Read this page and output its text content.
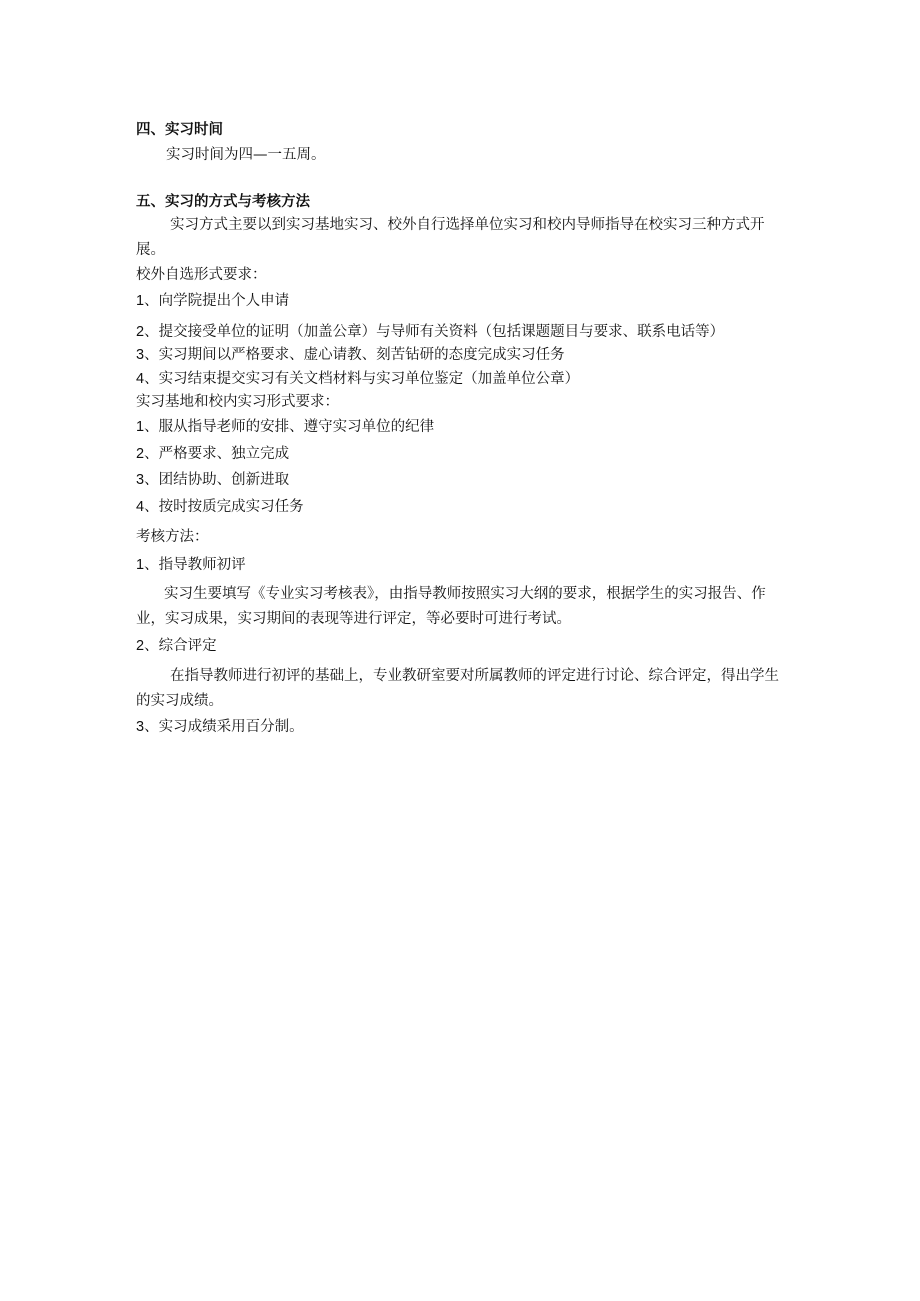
四、实习时间
实习时间为四—一五周。
五、实习的方式与考核方法
实习方式主要以到实习基地实习、校外自行选择单位实习和校内导师指导在校实习三种方式开展。
校外自选形式要求：
1、向学院提出个人申请
2、提交接受单位的证明（加盖公章）与导师有关资料（包括课题题目与要求、联系电话等）
3、实习期间以严格要求、虚心请教、刻苦钻研的态度完成实习任务
4、实习结束提交实习有关文档材料与实习单位鉴定（加盖单位公章）
实习基地和校内实习形式要求：
1、服从指导老师的安排、遵守实习单位的纪律
2、严格要求、独立完成
3、团结协助、创新进取
4、按时按质完成实习任务
考核方法：
1、指导教师初评
实习生要填写《专业实习考核表》，由指导教师按照实习大纲的要求，根据学生的实习报告、作业，实习成果，实习期间的表现等进行评定，等必要时可进行考试。
2、综合评定
在指导教师进行初评的基础上，专业教研室要对所属教师的评定进行讨论、综合评定，得出学生的实习成绩。
3、实习成绩采用百分制。
